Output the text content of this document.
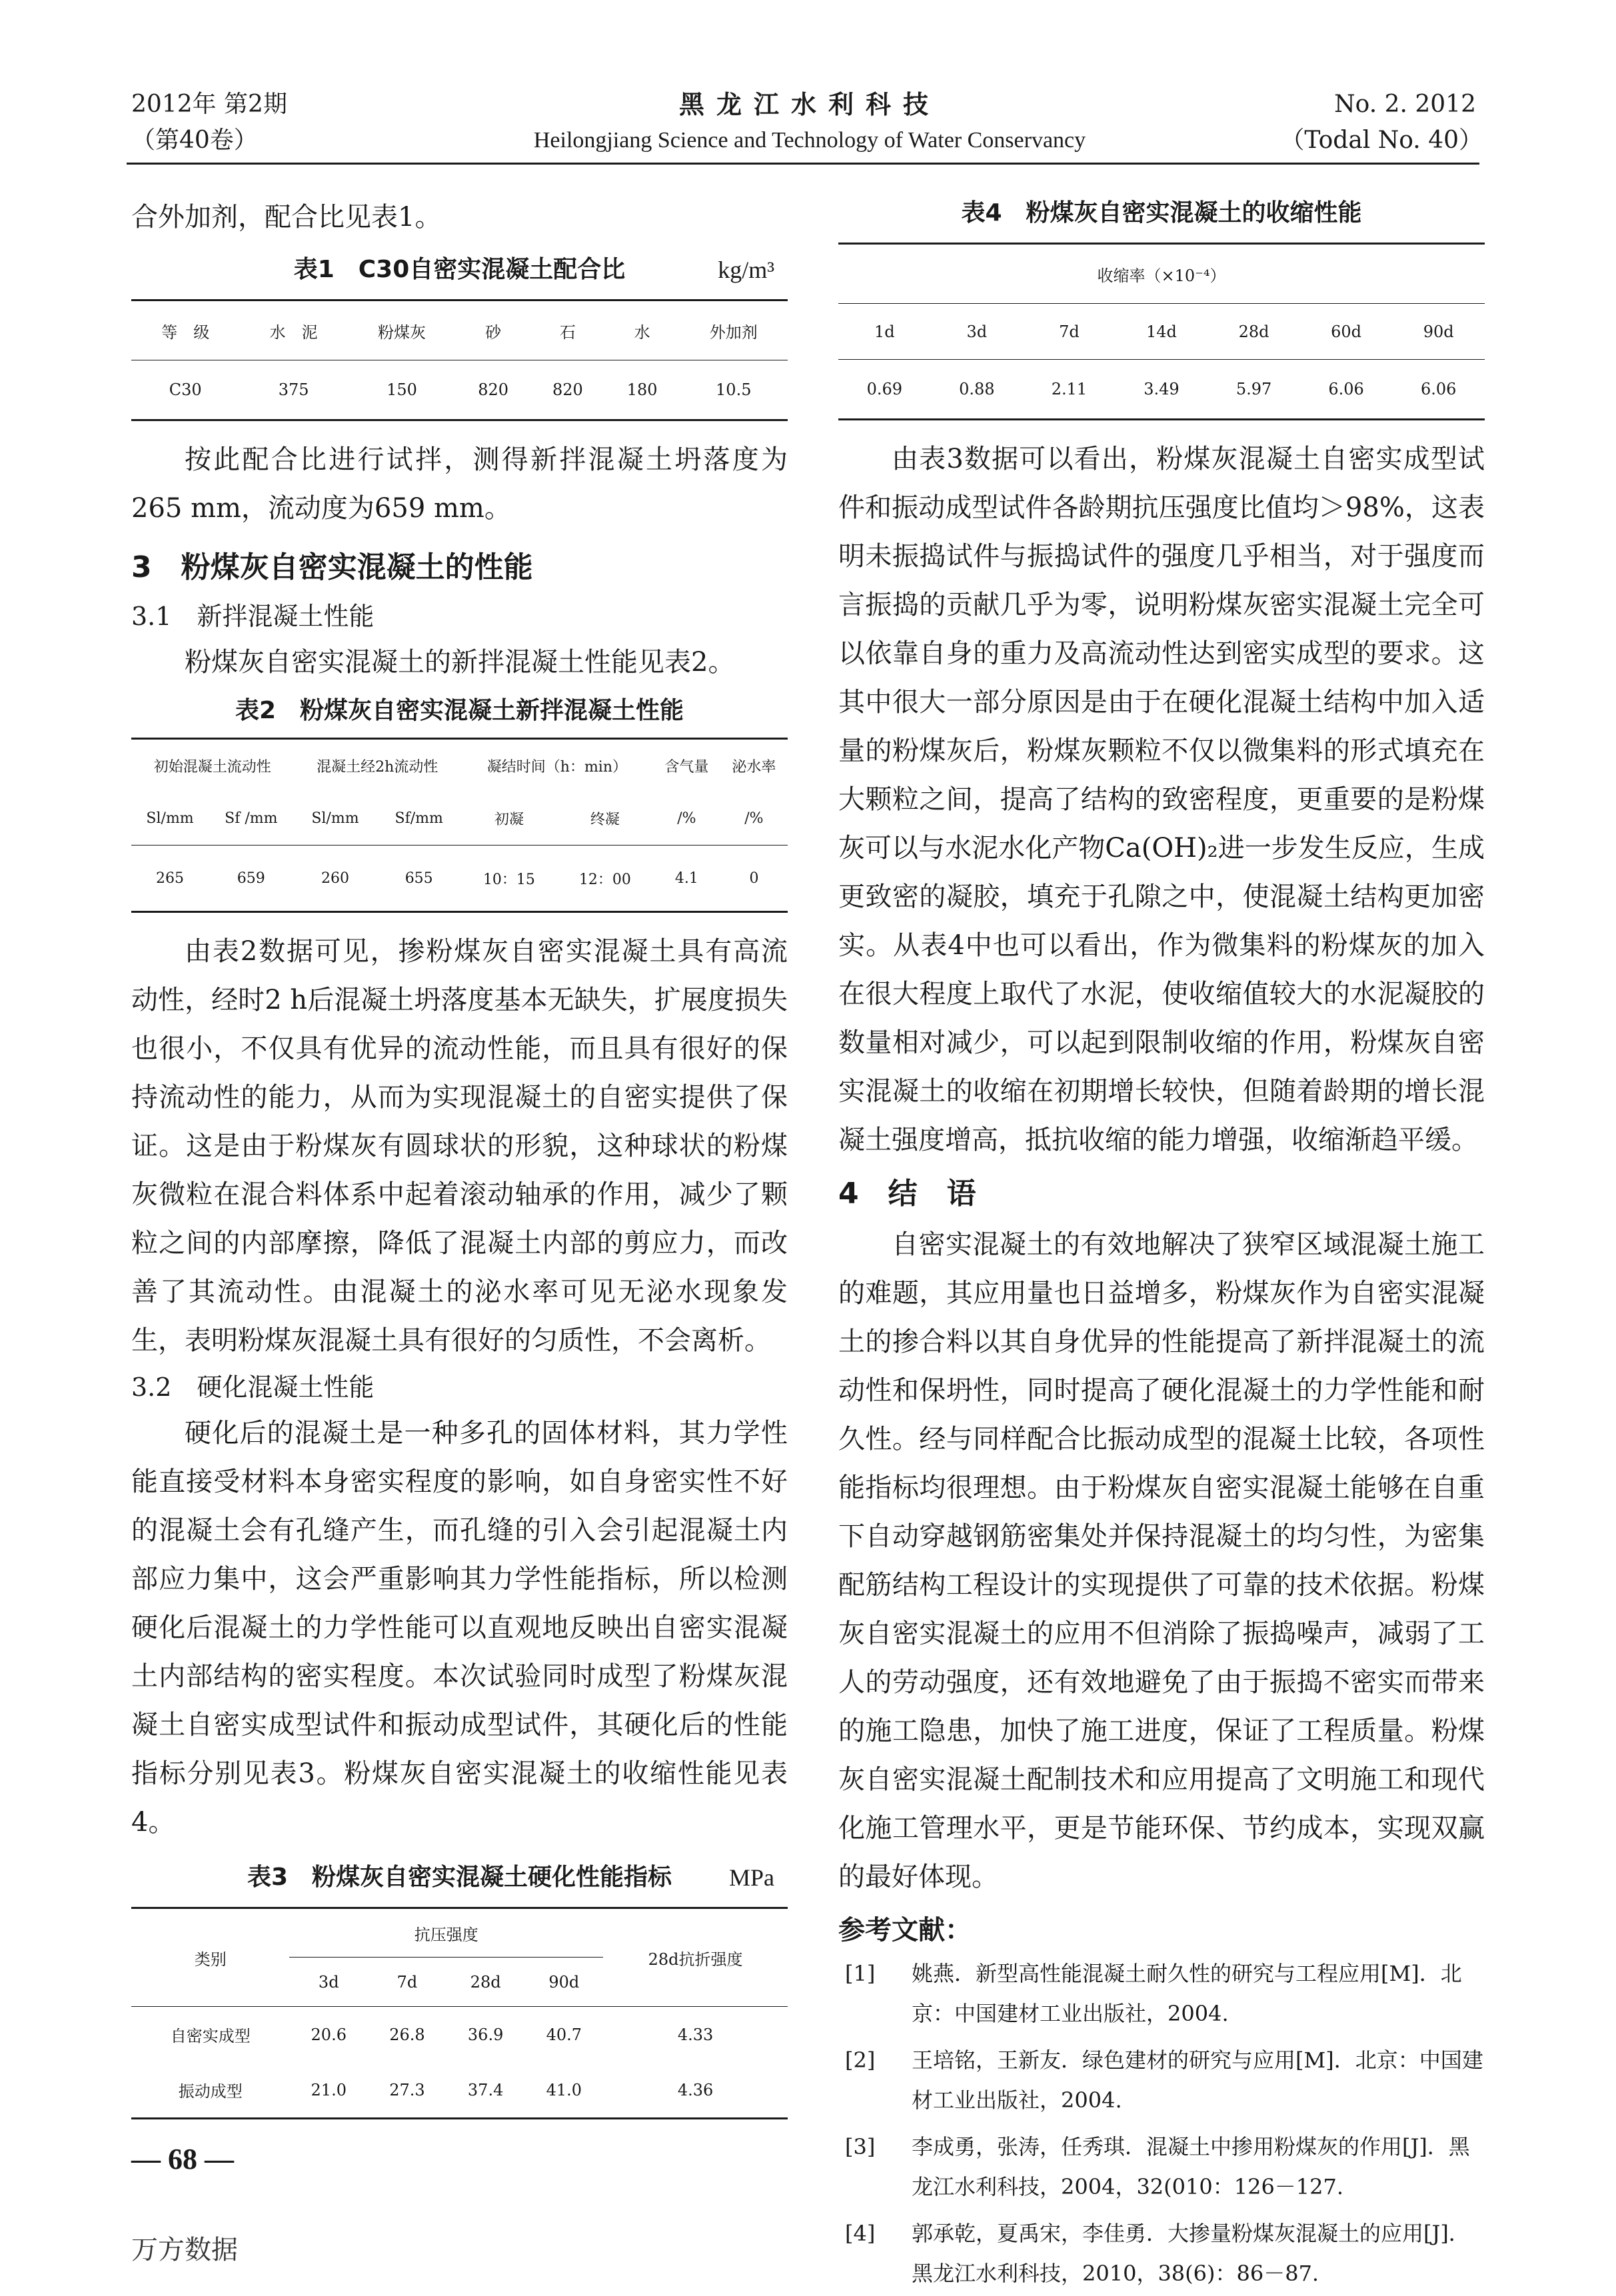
2012年 第2期
（第40卷）
黑龙江水利科技
Heilongjiang Science and Technology of Water Conservancy
No. 2. 2012
（Todal No. 40）

合外加剂，配合比见表1。

表1　C30自密实混凝土配合比	kg/m³
等　级	水　泥	粉煤灰	砂	石	水	外加剂
C30	375	150	820	820	180	10.5

按此配合比进行试拌，测得新拌混凝土坍落度为265 mm，流动度为659 mm。

3　粉煤灰自密实混凝土的性能
3.1　新拌混凝土性能

粉煤灰自密实混凝土的新拌混凝土性能见表2。

表2　粉煤灰自密实混凝土新拌混凝土性能
初始混凝土流动性		混凝土经2h流动性		凝结时间（h：min）		含气量	泌水率
Sl/mm	Sf /mm	Sl/mm	Sf/mm	初凝	终凝	/%	/%
265	659	260	655	10：15	12：00	4.1	0

由表2数据可见，掺粉煤灰自密实混凝土具有高流动性，经时2 h后混凝土坍落度基本无缺失，扩展度损失也很小，不仅具有优异的流动性能，而且具有很好的保持流动性的能力，从而为实现混凝土的自密实提供了保证。这是由于粉煤灰有圆球状的形貌，这种球状的粉煤灰微粒在混合料体系中起着滚动轴承的作用，减少了颗粒之间的内部摩擦，降低了混凝土内部的剪应力，而改善了其流动性。由混凝土的泌水率可见无泌水现象发生，表明粉煤灰混凝土具有很好的匀质性，不会离析。

3.2　硬化混凝土性能

硬化后的混凝土是一种多孔的固体材料，其力学性能直接受材料本身密实程度的影响，如自身密实性不好的混凝土会有孔缝产生，而孔缝的引入会引起混凝土内部应力集中，这会严重影响其力学性能指标，所以检测硬化后混凝土的力学性能可以直观地反映出自密实混凝土内部结构的密实程度。本次试验同时成型了粉煤灰混凝土自密实成型试件和振动成型试件，其硬化后的性能指标分别见表3。粉煤灰自密实混凝土的收缩性能见表4。

表3　粉煤灰自密实混凝土硬化性能指标 MPa
类别	抗压强度				28d抗折强度
	3d	7d	28d	90d	
自密实成型	20.6	26.8	36.9	40.7	4.33
振动成型	21.0	27.3	37.4	41.0	4.36
表4　粉煤灰自密实混凝土的收缩性能
收缩率（×10⁻⁴）						
1d	3d	7d	14d	28d	60d	90d
0.69	0.88	2.11	3.49	5.97	6.06	6.06

由表3数据可以看出，粉煤灰混凝土自密实成型试件和振动成型试件各龄期抗压强度比值均＞98%，这表明未振捣试件与振捣试件的强度几乎相当，对于强度而言振捣的贡献几乎为零，说明粉煤灰密实混凝土完全可以依靠自身的重力及高流动性达到密实成型的要求。这其中很大一部分原因是由于在硬化混凝土结构中加入适量的粉煤灰后，粉煤灰颗粒不仅以微集料的形式填充在大颗粒之间，提高了结构的致密程度，更重要的是粉煤灰可以与水泥水化产物Ca(OH)₂进一步发生反应，生成更致密的凝胶，填充于孔隙之中，使混凝土结构更加密实。从表4中也可以看出，作为微集料的粉煤灰的加入在很大程度上取代了水泥，使收缩值较大的水泥凝胶的数量相对减少，可以起到限制收缩的作用，粉煤灰自密实混凝土的收缩在初期增长较快，但随着龄期的增长混凝土强度增高，抵抗收缩的能力增强，收缩渐趋平缓。

4　结　语

自密实混凝土的有效地解决了狭窄区域混凝土施工的难题，其应用量也日益增多，粉煤灰作为自密实混凝土的掺合料以其自身优异的性能提高了新拌混凝土的流动性和保坍性，同时提高了硬化混凝土的力学性能和耐久性。经与同样配合比振动成型的混凝土比较，各项性能指标均很理想。由于粉煤灰自密实混凝土能够在自重下自动穿越钢筋密集处并保持混凝土的均匀性，为密集配筋结构工程设计的实现提供了可靠的技术依据。粉煤灰自密实混凝土的应用不但消除了振捣噪声，减弱了工人的劳动强度，还有效地避免了由于振捣不密实而带来的施工隐患，加快了施工进度，保证了工程质量。粉煤灰自密实混凝土配制技术和应用提高了文明施工和现代化施工管理水平，更是节能环保、节约成本，实现双赢的最好体现。

参考文献：
[1] 姚燕．新型高性能混凝土耐久性的研究与工程应用[M]．北京：中国建材工业出版社，2004.
[2] 王培铭，王新友．绿色建材的研究与应用[M]．北京：中国建材工业出版社，2004.
[3] 李成勇，张涛，任秀琪．混凝土中掺用粉煤灰的作用[J]．黑龙江水利科技，2004，32(010：126－127.
[4] 郭承乾，夏禹宋，李佳勇．大掺量粉煤灰混凝土的应用[J]．黑龙江水利科技，2010，38(6)：86－87.
— 68 —
万方数据
